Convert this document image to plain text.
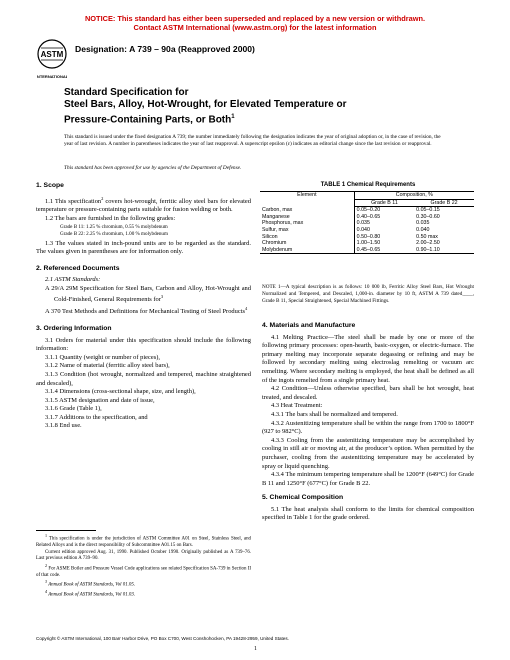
NOTICE: This standard has either been superseded and replaced by a new version or withdrawn.
Contact ASTM International (www.astm.org) for the latest information
ASTM
INTERNATIONAL
Designation: A 739 – 90a (Reapproved 2000)
Standard Specification for
Steel Bars, Alloy, Hot-Wrought, for Elevated Temperature or
Pressure-Containing Parts, or Both$^1$
This standard is issued under the fixed designation A 739; the number immediately following the designation indicates the year of original adoption or, in the case of revision, the year of last revision. A number in parentheses indicates the year of last reapproval. A superscript epsilon (ε) indicates an editorial change since the last revision or reapproval.
This standard has been approved for use by agencies of the Department of Defense.
1. Scope

1.1 This specification$^2$ covers hot-wrought, ferritic alloy steel bars for elevated temperature or pressure-containing parts suitable for fusion welding or both.

1.2 The bars are furnished in the following grades:

Grade B 11: 1.25 % chromium, 0.55 % molybdenum

Grade B 22: 2.25 % chromium, 1.00 % molybdenum

1.3 The values stated in inch-pound units are to be regarded as the standard. The values given in parentheses are for information only.

2. Referenced Documents

2.1 ASTM Standards:

A 29/A 29M Specification for Steel Bars, Carbon and Alloy, Hot-Wrought and Cold-Finished, General Requirements for$^3$

A 370 Test Methods and Definitions for Mechanical Testing of Steel Products$^4$

3. Ordering Information

3.1 Orders for material under this specification should include the following information:

3.1.1 Quantity (weight or number of pieces),

3.1.2 Name of material (ferritic alloy steel bars),

3.1.3 Condition (hot wrought, normalized and tempered, machine straightened and descaled),

3.1.4 Dimensions (cross-sectional shape, size, and length),

3.1.5 ASTM designation and date of issue,

3.1.6 Grade (Table 1),

3.1.7 Additions to the specification, and

3.1.8 End use.

$^1$ This specification is under the jurisdiction of ASTM Committee A01 on Steel, Stainless Steel, and Related Alloys and is the direct responsibility of Subcommittee A01.15 on Bars.

Current edition approved Aug. 31, 1990. Published October 1990. Originally published as A 739–76. Last previous edition A 739–90.

$^2$ For ASME Boiler and Pressure Vessel Code applications see related Specification SA-739 in Section II of that code.

$^3$ Annual Book of ASTM Standards, Vol 01.05.

$^4$ Annual Book of ASTM Standards, Vol 01.03.

TABLE 1 Chemical Requirements
Element	Composition, %	
	Grade B 11	Grade B 22
Carbon, max	0.05–0.20	0.05–0.15
Manganese	0.40–0.65	0.30–0.60
Phosphorus, max	0.035	0.035
Sulfur, max	0.040	0.040
Silicon	0.50–0.80	0.50 max
Chromium	1.00–1.50	2.00–2.50
Molybdenum	0.45–0.65	0.90–1.10
NOTE 1—A typical description is as follows: 10 000 lb, Ferritic Alloy Steel Bars, Hot Wrought Normalized and Tempered, and Descaled, 1,000-in. diameter by 10 ft, ASTM A 739 dated____, Grade B 11, Special Straightened, Special Machined Fittings.
4. Materials and Manufacture

4.1 Melting Practice—The steel shall be made by one or more of the following primary processes: open-hearth, basic-oxygen, or electric-furnace. The primary melting may incorporate separate degassing or refining and may be followed by secondary melting using electroslag remelting or vacuum arc remelting. Where secondary melting is employed, the heat shall be defined as all of the ingots remelted from a single primary heat.

4.2 Condition—Unless otherwise specified, bars shall be hot wrought, heat treated, and descaled.

4.3 Heat Treatment:

4.3.1 The bars shall be normalized and tempered.

4.3.2 Austenitizing temperature shall be within the range from 1700 to 1800°F (927 to 982°C).

4.3.3 Cooling from the austenitizing temperature may be accomplished by cooling in still air or moving air, at the producer’s option. When permitted by the purchaser, cooling from the austenitizing temperature may be accelerated by spray or liquid quenching.

4.3.4 The minimum tempering temperature shall be 1200°F (649°C) for Grade B 11 and 1250°F (677°C) for Grade B 22.

5. Chemical Composition

5.1 The heat analysis shall conform to the limits for chemical composition specified in Table 1 for the grade ordered.

Copyright © ASTM International, 100 Barr Harbor Drive, PO Box C700, West Conshohocken, PA 19428-2959, United States.
1
